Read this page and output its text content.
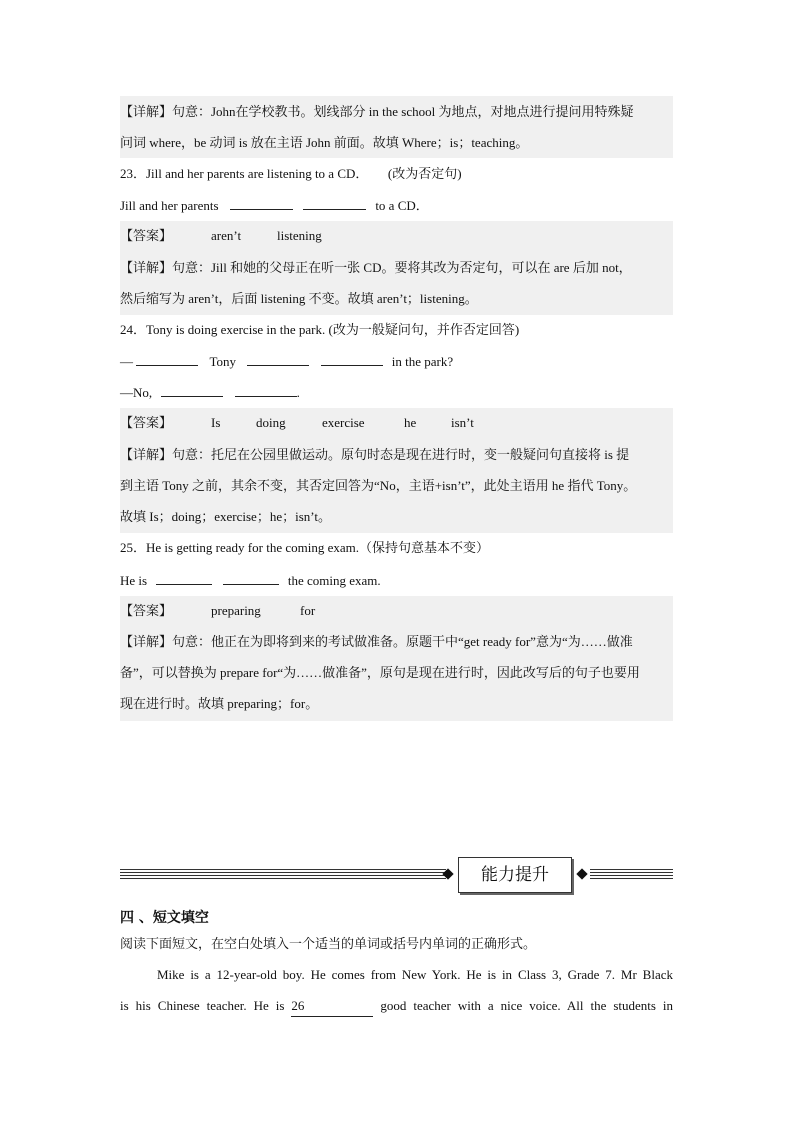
【详解】句意：John在学校教书。划线部分 in the school 为地点，对地点进行提问用特殊疑
问词 where，be 动词 is 放在主语 John 前面。故填 Where；is；teaching。
23．Jill and her parents are listening to a CD．　　(改为否定句)
Jill and her parents	to a CD．
【答案】	aren’t	listening
【详解】句意：Jill 和她的父母正在听一张 CD。要将其改为否定句，可以在 are 后加 not，
然后缩写为 aren’t，后面 listening 不变。故填 aren’t；listening。
24．Tony is doing exercise in the park. (改为一般疑问句，并作否定回答)
—	Tony	in the park?
—No,	.
【答案】	Is	doing	exercise	he	isn’t
【详解】句意：托尼在公园里做运动。原句时态是现在进行时，变一般疑问句直接将 is 提
到主语 Tony 之前，其余不变，其否定回答为“No，主语+isn’t”，此处主语用 he 指代 Tony。
故填 Is；doing；exercise；he；isn’t。
25．He is getting ready for the coming exam.（保持句意基本不变）
He is	the coming exam.
【答案】	preparing	for
【详解】句意：他正在为即将到来的考试做准备。原题干中“get ready for”意为“为……做准
备”，可以替换为 prepare for“为……做准备”，原句是现在进行时，因此改写后的句子也要用
现在进行时。故填 preparing；for。
能力提升
四 、短文填空
阅读下面短文，在空白处填入一个适当的单词或括号内单词的正确形式。
Mike is a 12-year-old boy. He comes from New York. He is in Class 3, Grade 7. Mr Black
is his Chinese teacher. He is 26	good teacher with a nice voice. All the students in
